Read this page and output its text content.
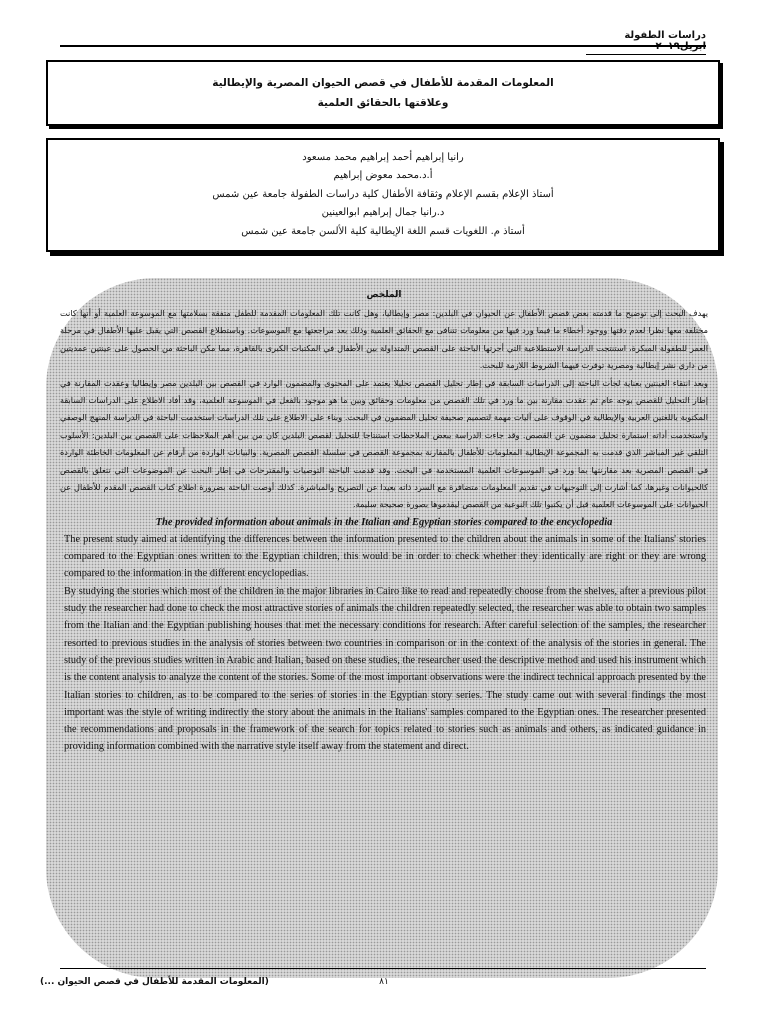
دراسات الطفولة ابريل٢٠١٩
المعلومات المقدمة للأطفال في قصص الحيوان المصرية والإيطالية
وعلاقتها بالحقائق العلمية
رانيا إبراهيم أحمد إبراهيم محمد مسعود
أ.د.محمد معوض إبراهيم
أستاذ الإعلام بقسم الإعلام وثقافة الأطفال كلية دراسات الطفولة جامعة عين شمس
د.رانيا جمال إبراهيم ابوالعينين
أستاذ م. اللغويات قسم اللغة الإيطالية كلية الألسن جامعة عين شمس
الملخص

يهدف البحث إلى توضيح ما قدمته بعض قصص الأطفال عن الحيوان في البلدين: مصر وإيطاليا، وهل كانت تلك المعلومات المقدمة للطفل متفقة بسلامتها مع الموسوعة العلمية أو أنها كانت مختلفة معها نظرا لعدم دقتها ووجود أخطاء ما فيما ورد فيها من معلومات تتنافى مع الحقائق العلمية وذلك بعد مراجعتها مع الموسوعات. وباستطلاع القصص التي يقبل عليها الأطفال في مرحلة العمر للطفولة المبكرة، استنتجت الدراسة الاستطلاعية التي أجرتها الباحثة على القصص المتداولة بين الأطفال في المكتبات الكبرى بالقاهرة، مما مكن الباحثة من الحصول على عينتين عمديتين من داري نشر إيطالية ومصرية توفرت فيهما الشروط اللازمة للبحث.

وبعد انتقاء العينتين بعناية لجأت الباحثة إلى الدراسات السابقة في إطار تحليل القصص تحليلا يعتمد على المحتوى والمضمون الوارد في القصص بين البلدين مصر وإيطاليا وعقدت المقارنة في إطار التحليل للقصص بوجه عام ثم عقدت مقارنة بين ما ورد في تلك القصص من معلومات وحقائق وبين ما هو موجود بالفعل في الموسوعة العلمية، وقد أفاد الاطلاع على الدراسات السابقة المكتوبة باللغتين العربية والإيطالية في الوقوف على آليات مهمة لتصميم صحيفة تحليل المضمون في البحث. وبناء على الاطلاع على تلك الدراسات استخدمت الباحثة في الدراسة المنهج الوصفي واستخدمت أداته استمارة تحليل مضمون عن القصص. وقد جاءت الدراسة ببعض الملاحظات استنتاجا للتحليل لقصص البلدين كان من بين أهم الملاحظات على القصص بين البلدين: الأسلوب التلقي غير المباشر الذي قدمت به المجموعة الإيطالية المعلومات للأطفال بالمقارنة بمجموعة القصص في سلسلة القصص المصرية. والبيانات الواردة من أرقام عن المعلومات الخاطئة الواردة في القصص المصرية بعد مقارنتها بما ورد في الموسوعات العلمية المستخدمة في البحث. وقد قدمت الباحثة التوصيات والمقترحات في إطار البحث عن الموضوعات التي تتعلق بالقصص كالحيوانات وغيرها، كما أشارت إلى التوجيهات في تقديم المعلومات متضافرة مع السرد ذاته بعيدا عن التصريح والمباشرة. كذلك أوصت الباحثة بضرورة اطلاع كتاب القصص المقدم للأطفال عن الحيوانات على الموسوعات العلمية قبل أن يكتبوا تلك النوعية من القصص ليقدموها بصورة صحيحة سليمة.

The provided information about animals in the Italian and Egyptian stories compared to the encyclopedia

The present study aimed at identifying the differences between the information presented to the children about the animals in some of the Italians' stories compared to the Egyptian ones written to the Egyptian children, this would be in order to check whether they identically are right or they are wrong compared to the information in the different encyclopedias.

By studying the stories which most of the children in the major libraries in Cairo like to read and repeatedly choose from the shelves, after a previous pilot study the researcher had done to check the most attractive stories of animals the children repeatedly selected, the researcher was able to obtain two samples from the Italian and the Egyptian publishing houses that met the necessary conditions for research. After careful selection of the samples, the researcher resorted to previous studies in the analysis of stories between two countries in comparison or in the context of the analysis of the stories in general. The study of the previous studies written in Arabic and Italian, based on these studies, the researcher used the descriptive method and used his instrument which is the content analysis to analyze the content of the stories. Some of the most important observations were the indirect technical approach presented by the Italian stories to children, as to be compared to the series of stories in the Egyptian story series. The study came out with several findings the most important was the style of writing indirectly the story about the animals in the Italians' samples compared to the Egyptian ones. The researcher presented the recommendations and proposals in the framework of the search for topics related to stories such as animals and others, as indicated guidance in providing information combined with the narrative style itself away from the statement and direct.

٨١
(المعلومات المقدمة للأطفال في قصص الحيوان ...)
